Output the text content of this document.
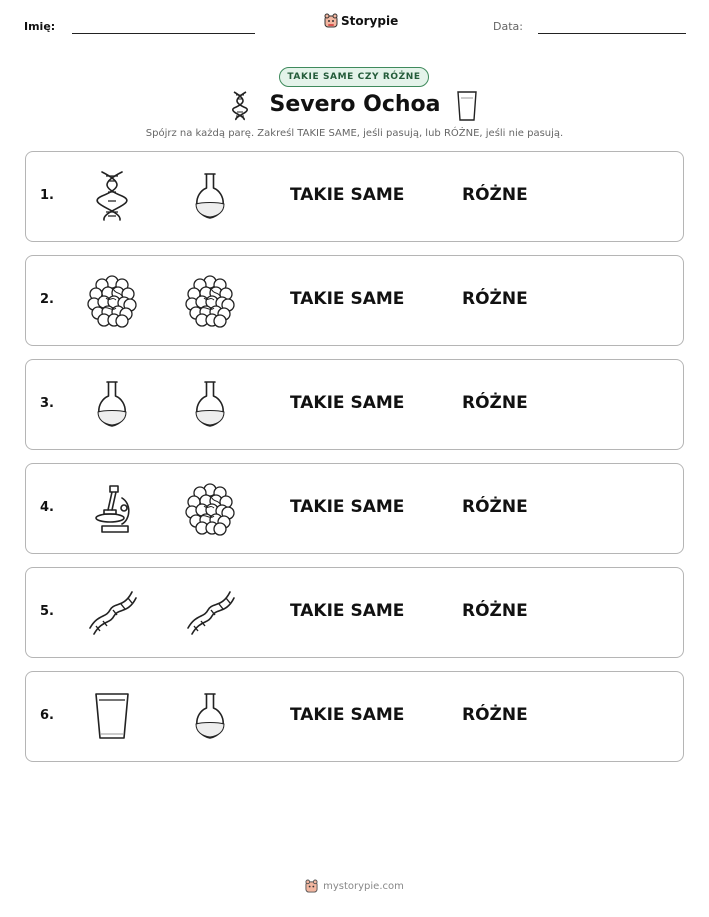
Imię:	Storypie	Data:
TAKIE SAME CZY RÓŻNE
Severo Ochoa
Spójrz na każdą parę. Zakreśl TAKIE SAME, jeśli pasują, lub RÓŻNE, jeśli nie pasują.
1.	TAKIE SAME	RÓŻNE
2.	TAKIE SAME	RÓŻNE
3.	TAKIE SAME	RÓŻNE
4.	TAKIE SAME	RÓŻNE
5.	TAKIE SAME	RÓŻNE
6.	TAKIE SAME	RÓŻNE
mystorypie.com
